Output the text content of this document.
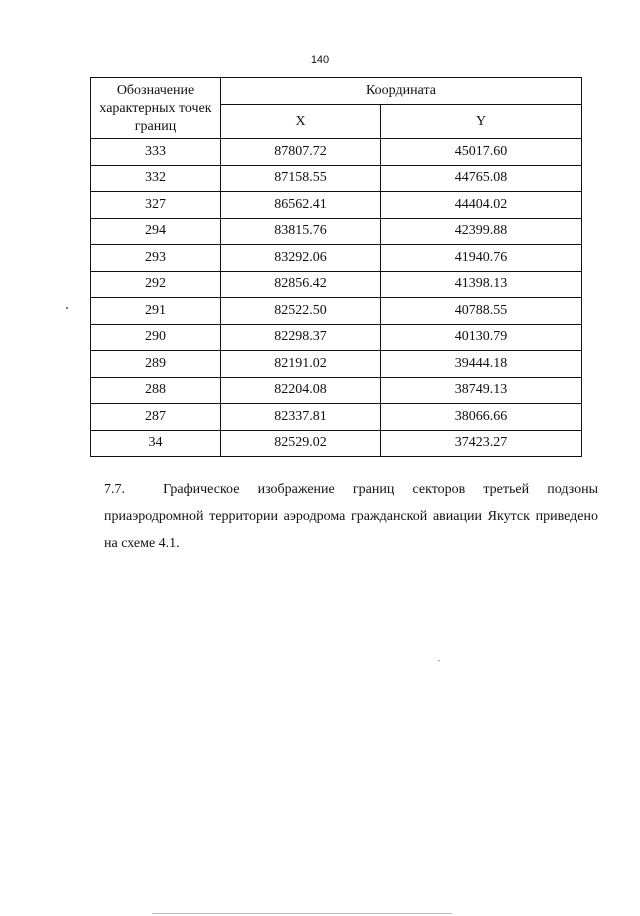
140
Обозначение характерных точек границ	Координата	
	X	Y
333	87807.72	45017.60
332	87158.55	44765.08
327	86562.41	44404.02
294	83815.76	42399.88
293	83292.06	41940.76
292	82856.42	41398.13
291	82522.50	40788.55
290	82298.37	40130.79
289	82191.02	39444.18
288	82204.08	38749.13
287	82337.81	38066.66
34	82529.02	37423.27
7.7.	Графическое изображение границ секторов третьей подзоны
приаэродромной территории аэродрома гражданской авиации Якутск приведено на схеме 4.1.
